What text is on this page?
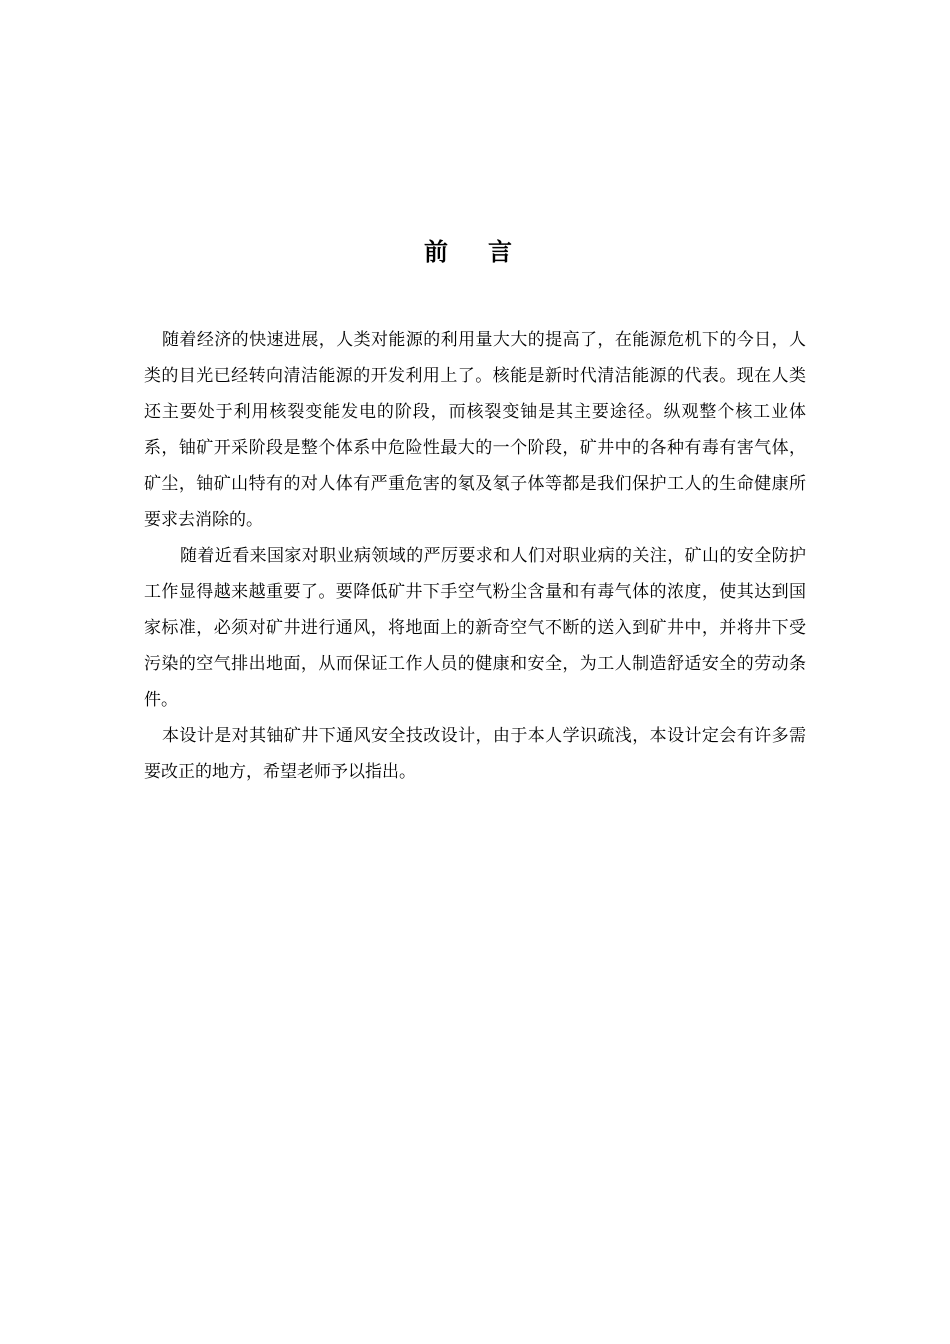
前 言

随着经济的快速进展，人类对能源的利用量大大的提高了，在能源危机下的今日，人类的目光已经转向清洁能源的开发利用上了。核能是新时代清洁能源的代表。现在人类还主要处于利用核裂变能发电的阶段，而核裂变铀是其主要途径。纵观整个核工业体系，铀矿开采阶段是整个体系中危险性最大的一个阶段，矿井中的各种有毒有害气体，矿尘，铀矿山特有的对人体有严重危害的氡及氡子体等都是我们保护工人的生命健康所要求去消除的。

随着近看来国家对职业病领域的严厉要求和人们对职业病的关注，矿山的安全防护工作显得越来越重要了。要降低矿井下手空气粉尘含量和有毒气体的浓度，使其达到国家标准，必须对矿井进行通风，将地面上的新奇空气不断的送入到矿井中，并将井下受污染的空气排出地面，从而保证工作人员的健康和安全，为工人制造舒适安全的劳动条件。

本设计是对其铀矿井下通风安全技改设计，由于本人学识疏浅，本设计定会有许多需要改正的地方，希望老师予以指出。
